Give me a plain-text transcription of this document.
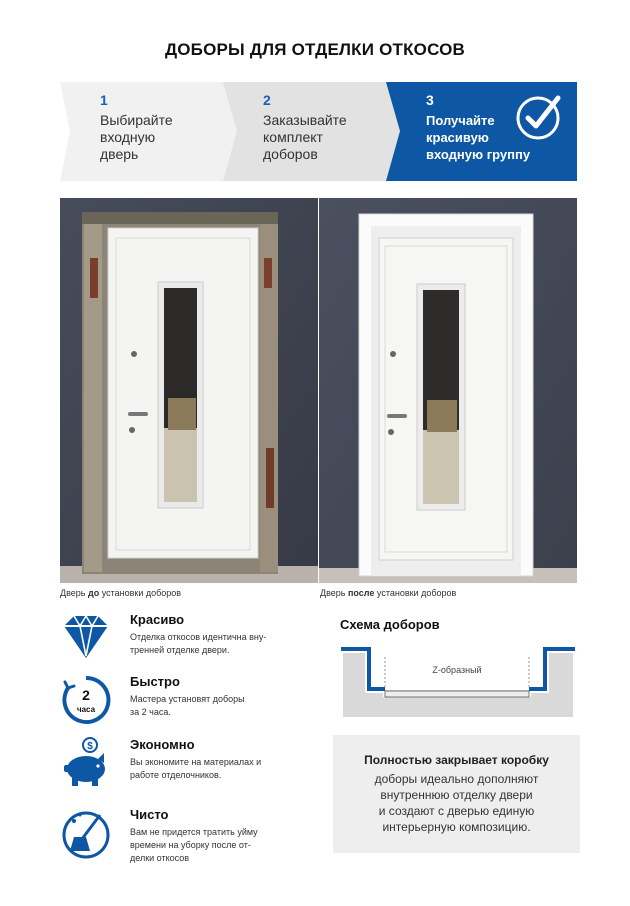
ДОБОРЫ ДЛЯ ОТДЕЛКИ ОТКОСОВ
1
Выбирайте
входную
дверь
2
Заказывайте
комплект
доборов
3
Получайте
красивую
входную группу
Дверь до установки доборов	Дверь после установки доборов
Красиво
Отделка откосов идентична вну-
тренней отделке двери.
2
часа
Быстро
Мастера установят доборы
за 2 часа.
$	Экономно
Вы экономите на материалах и
работе отделочников.
Чисто
Вам не придется тратить уйму
времени на уборку после от-
делки откосов
Схема доборов
Z-образный
Полностью закрывает коробку
доборы идеально дополняют
внутреннюю отделку двери
и создают с дверью единую
интерьерную композицию.
